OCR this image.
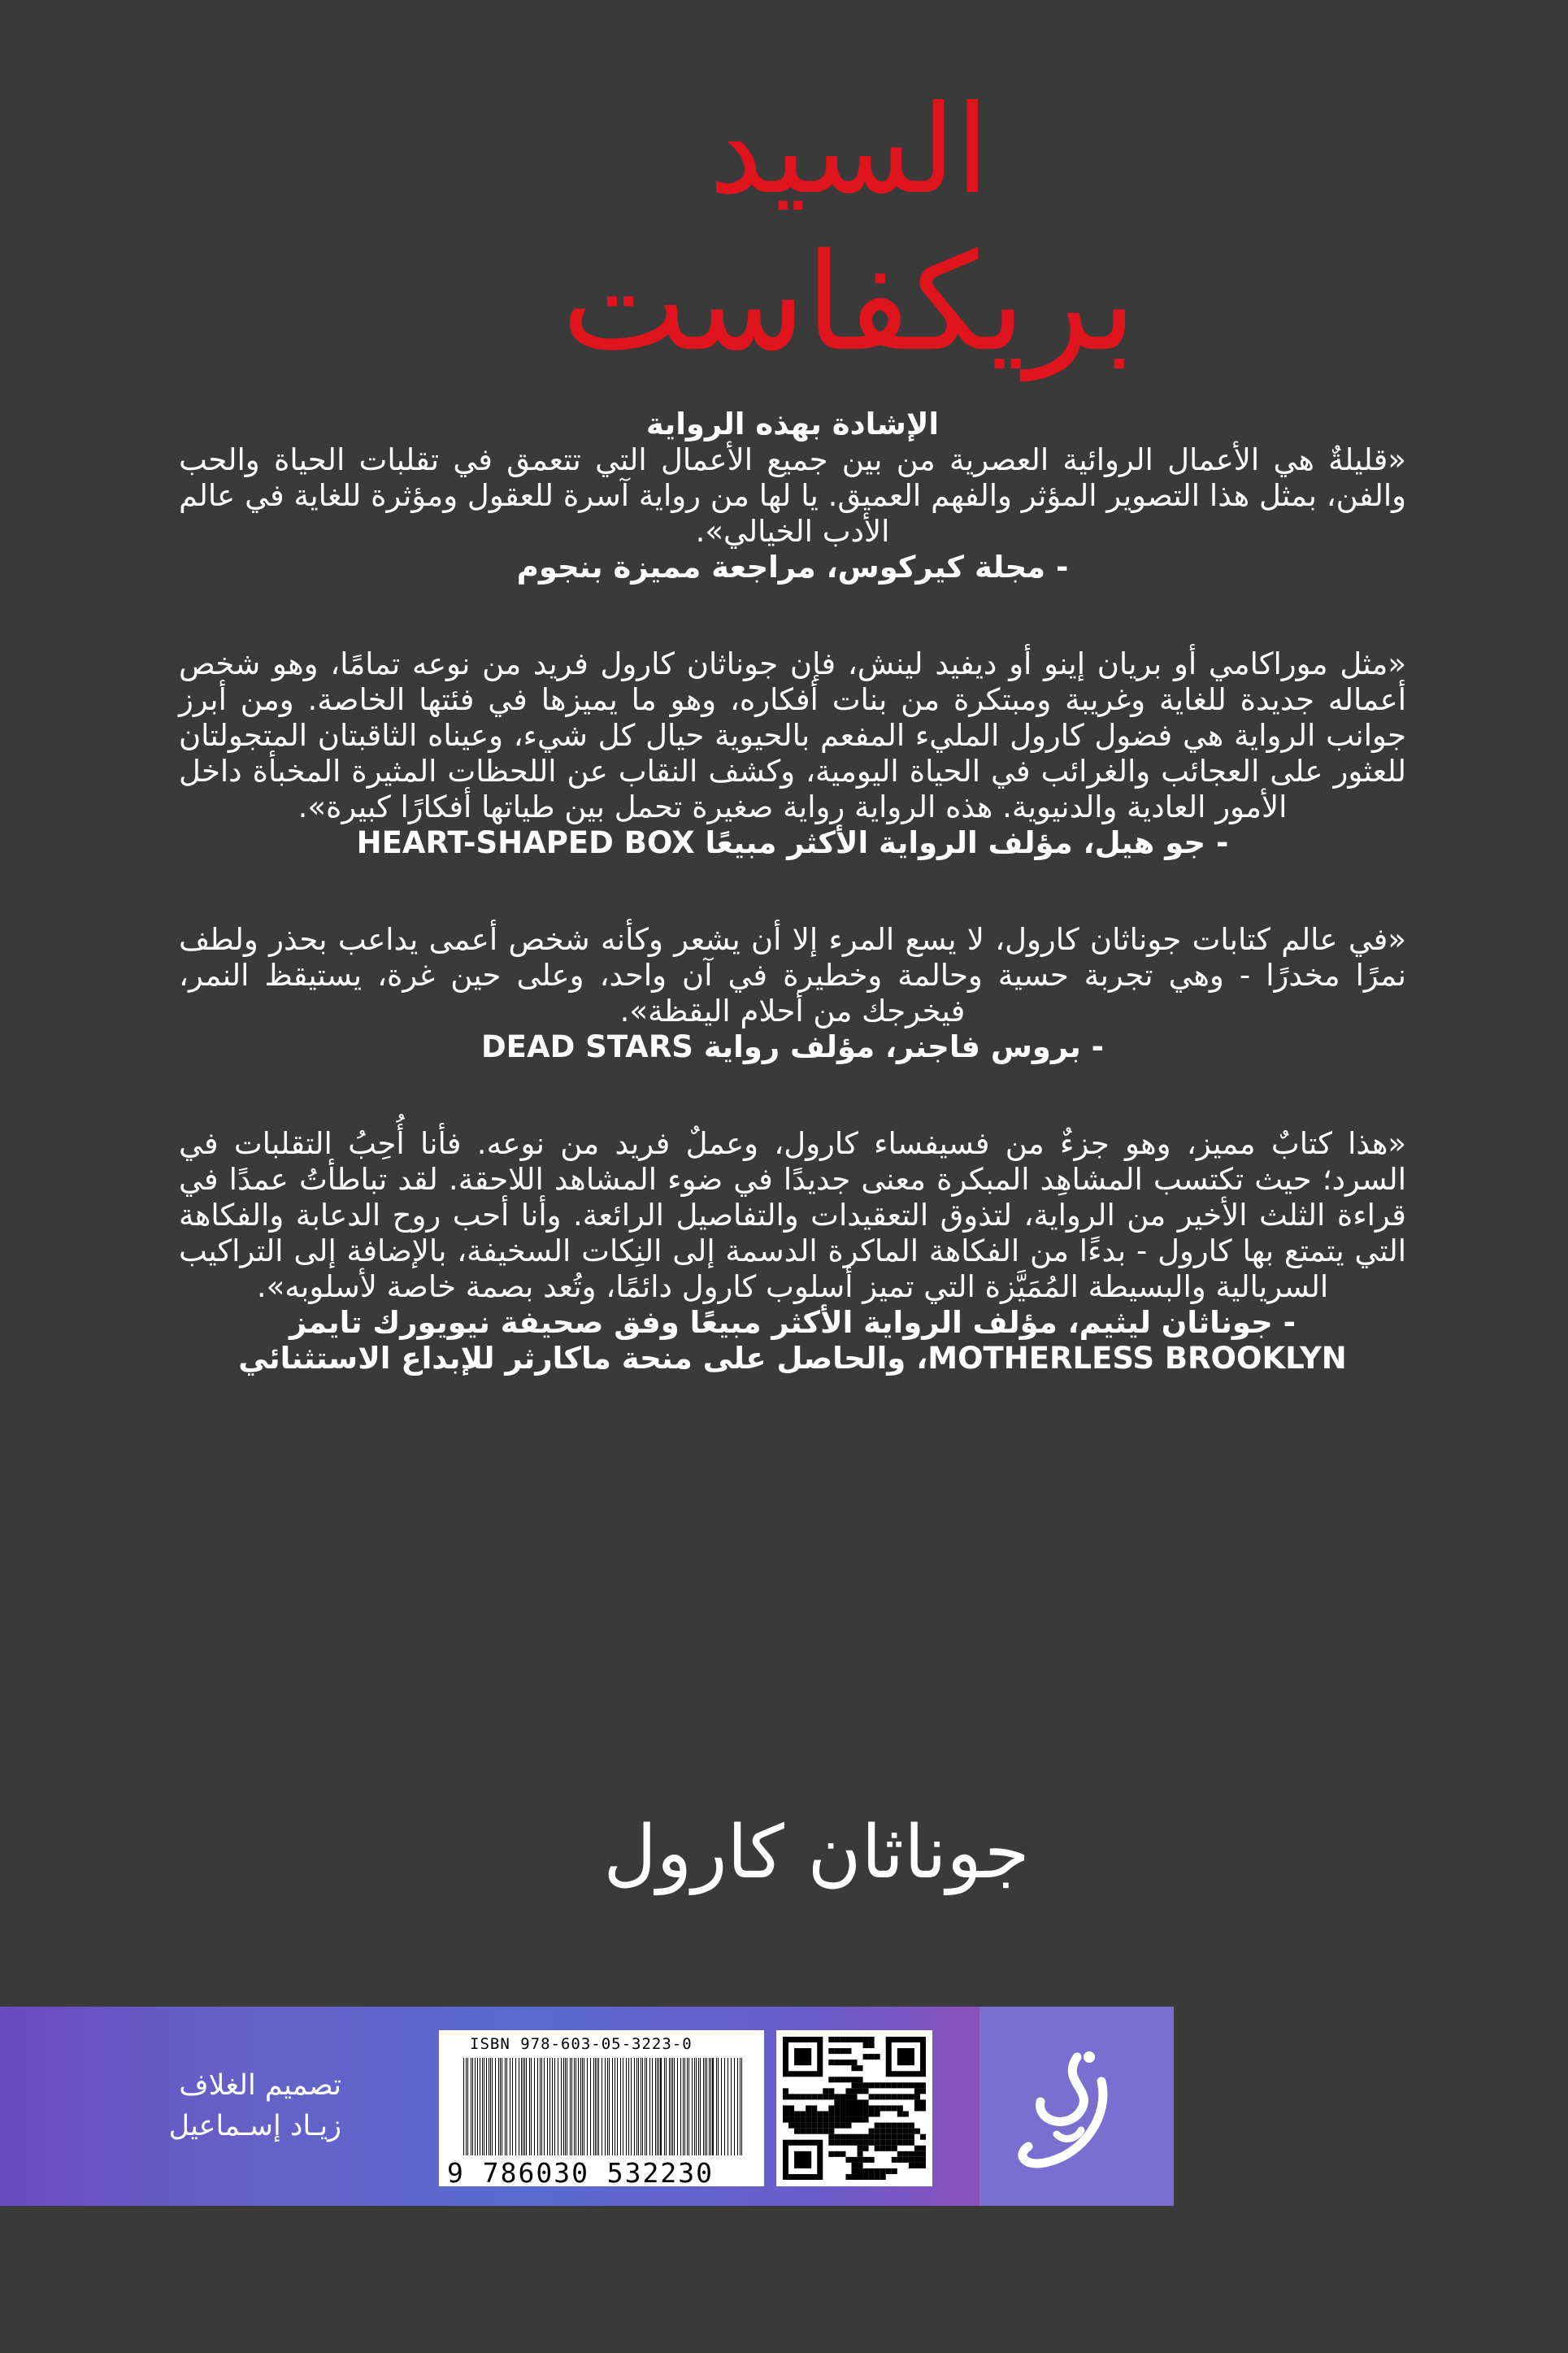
السيد
بريكفاست

الإشادة بهذه الرواية

«قليلةٌ هي الأعمال الروائية العصرية من بين جميع الأعمال التي تتعمق في تقلبات الحياة والحب والفن، بمثل هذا التصوير المؤثر والفهم العميق. يا لها من رواية آسرة للعقول ومؤثرة للغاية في عالم الأدب الخيالي».

- مجلة كيركوس، مراجعة مميزة بنجوم

«مثل موراكامي أو بريان إينو أو ديفيد لينش، فإن جوناثان كارول فريد من نوعه تمامًا، وهو شخص أعماله جديدة للغاية وغريبة ومبتكرة من بنات أفكاره، وهو ما يميزها في فئتها الخاصة. ومن أبرز جوانب الرواية هي فضول كارول المليء المفعم بالحيوية حيال كل شيء، وعيناه الثاقبتان المتجولتان للعثور على العجائب والغرائب في الحياة اليومية، وكشف النقاب عن اللحظات المثيرة المخبأة داخل الأمور العادية والدنيوية. هذه الرواية رواية صغيرة تحمل بين طياتها أفكارًا كبيرة».

- جو هيل، مؤلف الرواية الأكثر مبيعًا HEART-SHAPED BOX

«في عالم كتابات جوناثان كارول، لا يسع المرء إلا أن يشعر وكأنه شخص أعمى يداعب بحذر ولطف نمرًا مخدرًا - وهي تجربة حسية وحالمة وخطيرة في آن واحد، وعلى حين غرة، يستيقظ النمر، فيخرجك من أحلام اليقظة».

- بروس فاجنر، مؤلف رواية DEAD STARS

«هذا كتابٌ مميز، وهو جزءٌ من فسيفساء كارول، وعملٌ فريد من نوعه. فأنا أُحِبُ التقلبات في السرد؛ حيث تكتسب المشاهِد المبكرة معنى جديدًا في ضوء المشاهد اللاحقة. لقد تباطأتُ عمدًا في قراءة الثلث الأخير من الرواية، لتذوق التعقيدات والتفاصيل الرائعة. وأنا أحب روح الدعابة والفكاهة التي يتمتع بها كارول - بدءًا من الفكاهة الماكرة الدسمة إلى النِكات السخيفة، بالإضافة إلى التراكيب السريالية والبسيطة المُمَيَّزة التي تميز أسلوب كارول دائمًا، وتُعد بصمة خاصة لأسلوبه».

- جوناثان ليثيم، مؤلف الرواية الأكثر مبيعًا وفق صحيفة نيويورك تايمز MOTHERLESS BROOKLYN، والحاصل على منحة ماكارثر للإبداع الاستثنائي

جوناثان كارول

تصميم الغلاف
زيـاد إسـماعيل
ISBN 978-603-05-3223-0
9 786030 532230
